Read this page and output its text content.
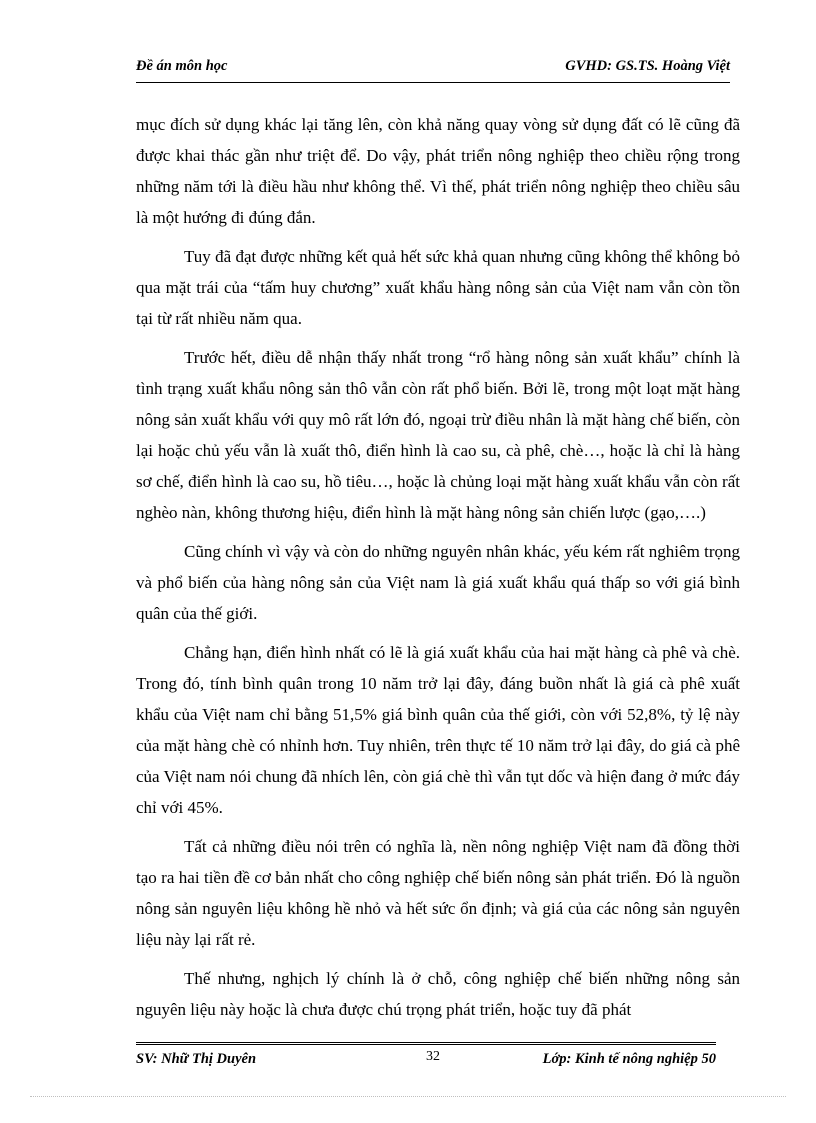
Đề án môn học	GVHD: GS.TS. Hoàng Việt

mục đích sử dụng khác lại tăng lên, còn khả năng quay vòng sử dụng đất có lẽ cũng đã được khai thác gần như triệt để. Do vậy, phát triển nông nghiệp theo chiều rộng trong những năm tới là điều hầu như không thể. Vì thế, phát triển nông nghiệp theo chiều sâu là một hướng đi đúng đắn.

Tuy đã đạt được những kết quả hết sức khả quan nhưng cũng không thể không bỏ qua mặt trái của “tấm huy chương” xuất khẩu hàng nông sản của Việt nam vẫn còn tồn tại từ rất nhiều năm qua.

Trước hết, điều dễ nhận thấy nhất trong “rổ hàng nông sản xuất khẩu” chính là tình trạng xuất khẩu nông sản thô vẫn còn rất phổ biến. Bởi lẽ, trong một loạt mặt hàng nông sản xuất khẩu với quy mô rất lớn đó, ngoại trừ điều nhân là mặt hàng chế biến, còn lại hoặc chủ yếu vẫn là xuất thô, điển hình là cao su, cà phê, chè…, hoặc là chỉ là hàng sơ chế, điển hình là cao su, hồ tiêu…, hoặc là chủng loại mặt hàng xuất khẩu vẫn còn rất nghèo nàn, không thương hiệu, điển hình là mặt hàng nông sản chiến lược (gạo,….)

Cũng chính vì vậy và còn do những nguyên nhân khác, yếu kém rất nghiêm trọng và phổ biến của hàng nông sản của Việt nam là giá xuất khẩu quá thấp so với giá bình quân của thế giới.

Chẳng hạn, điển hình nhất có lẽ là giá xuất khẩu của hai mặt hàng cà phê và chè. Trong đó, tính bình quân trong 10 năm trở lại đây, đáng buồn nhất là giá cà phê xuất khẩu của Việt nam chỉ bằng 51,5% giá bình quân của thế giới, còn với 52,8%, tỷ lệ này của mặt hàng chè có nhỉnh hơn. Tuy nhiên, trên thực tế 10 năm trở lại đây, do giá cà phê của Việt nam nói chung đã nhích lên, còn giá chè thì vẫn tụt dốc và hiện đang ở mức đáy chỉ với 45%.

Tất cả những điều nói trên có nghĩa là, nền nông nghiệp Việt nam đã đồng thời tạo ra hai tiền đề cơ bản nhất cho công nghiệp chế biến nông sản phát triển. Đó là nguồn nông sản nguyên liệu không hề nhỏ và hết sức ổn định; và giá của các nông sản nguyên liệu này lại rất rẻ.

Thế nhưng, nghịch lý chính là ở chỗ, công nghiệp chế biến những nông sản nguyên liệu này hoặc là chưa được chú trọng phát triển, hoặc tuy đã phát

SV: Nhữ Thị Duyên	32	Lớp: Kinh tế nông nghiệp 50
